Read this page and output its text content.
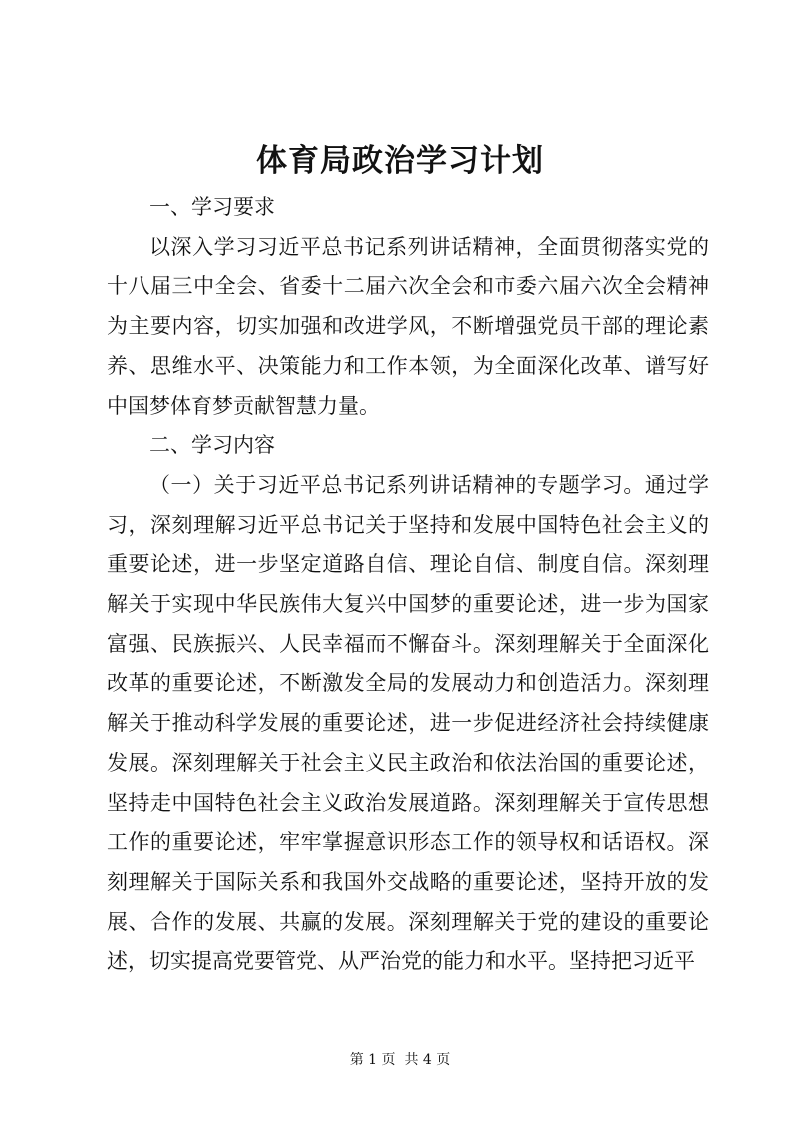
体育局政治学习计划
一、学习要求
以深入学习习近平总书记系列讲话精神，全面贯彻落实党的十八届三中全会、省委十二届六次全会和市委六届六次全会精神为主要内容，切实加强和改进学风，不断增强党员干部的理论素养、思维水平、决策能力和工作本领，为全面深化改革、谱写好中国梦体育梦贡献智慧力量。
二、学习内容
（一）关于习近平总书记系列讲话精神的专题学习。通过学习，深刻理解习近平总书记关于坚持和发展中国特色社会主义的重要论述，进一步坚定道路自信、理论自信、制度自信。深刻理解关于实现中华民族伟大复兴中国梦的重要论述，进一步为国家富强、民族振兴、人民幸福而不懈奋斗。深刻理解关于全面深化改革的重要论述，不断激发全局的发展动力和创造活力。深刻理解关于推动科学发展的重要论述，进一步促进经济社会持续健康发展。深刻理解关于社会主义民主政治和依法治国的重要论述，坚持走中国特色社会主义政治发展道路。深刻理解关于宣传思想工作的重要论述，牢牢掌握意识形态工作的领导权和话语权。深刻理解关于国际关系和我国外交战略的重要论述，坚持开放的发展、合作的发展、共赢的发展。深刻理解关于党的建设的重要论述，切实提高党要管党、从严治党的能力和水平。坚持把习近平
第 1 页  共 4 页
